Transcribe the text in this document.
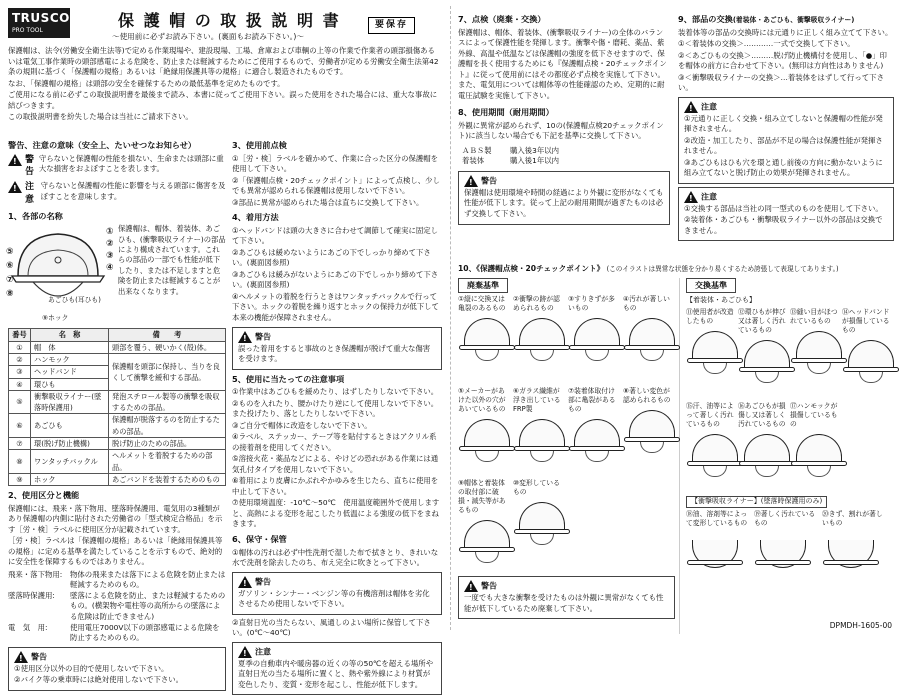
TRUSCO
PRO TOOL
保 護 帽 の 取 扱 説 明 書	要保存
～使用前に必ずお読み下さい。(裏面もお読み下さい。)～

保護帽は、法令(労働安全衛生法等)で定める作業現場や、建設現場、工場、倉庫および車輌の上等の作業で作業者の頭部損傷あるいは電気工事作業時の頭部感電による危険を、防止または軽減するためにご使用するもので、労働者が定める労働安全衛生法第42条の規則に基づく「保護帽の規格」あるいは「絶縁用保護具等の規格」に適合し製造されたものです。

なお、「保護帽の規格」は頭部の安全を確保するための最低基準を定めたものです。

ご使用になる前に必ずこの取扱説明書を最後まで読み、本書に従ってご使用下さい。誤った使用をされた場合には、重大な事故に結びつきます。

この取扱説明書を紛失した場合は当社にご請求下さい。

警告、注意の意味（安全上、たいせつなお知らせ）
!
警告
守らないと保護帽の性能を損ない、生命または頭部に重大な損害をおよぼすことを表します。
!
注意
守らないと保護帽の性能に影響を与える頭部に傷害を及ぼすことを意味します。
1、各部の名称
①
②
③
④
⑤
⑥
⑦
⑧
あごひも(耳ひも)
⑨ホック
保護帽は、帽体、着装体、あごひも、(衝撃吸収ライナー)の部品により構成されています。これらの部品の一部でも性能が低下したり、または不足しますと危険を防止または軽減することが出来なくなります。
番号	名　称	備　　考
①	帽　体	頭部を覆う、硬いかく(殻)体。
②	ハンモック	保護帽を頭部に保持し、当りを良くして衝撃を緩和する部品。
③	ヘッドバンド	
④	環ひも	
⑤	衝撃吸収ライナー(墜落時保護用)	発泡スチロール製等の衝撃を吸収するための部品。
⑥	あごひも	保護帽が脱落するのを防止するための部品。
⑦	環(脱げ防止機構)	脱げ防止のための部品。
⑧	ワンタッチバックル	ヘルメットを着脱するための部品。
⑨	ホック	あごバンドを装着するためのもの
2、使用区分と機能

保護帽には、飛来・落下物用、墜落時保護用、電気用の3種類があり保護帽の内側に貼付された労働省の「型式検定合格品」を示す［労・検］ラベルに使用区分が記載されています。

［労・検］ラベルは「保護帽の規格」あるいは「絶縁用保護具等の規格」に定める基準を満たしていることを示すもので、絶対的に安全性を保障するものではありません。

飛来・落下物用:	物体の飛来または落下による危険を防止または軽減するためのもの。
墜落時保護用:	墜落による危険を防止、または軽減するためのもの。(横架物や電柱等の高所からの墜落による危険は防止できません)
電　気　用:	使用電圧7000V以下の頭部感電による危険を防止するためのもの。
!警告

①使用区分以外の目的で使用しないで下さい。

②バイク等の乗車時には絶対使用しないで下さい。

3、使用前点検

①［労・検］ラベルを確かめて、作業に合った区分の保護帽を使用して下さい。

②「保護帽点検・20チェックポイント」によって点検し、少しでも異常が認められる保護帽は使用しないで下さい。

③部品に異常が認められた場合は直ちに交換して下さい。

4、着用方法

①ヘッドバンドは頭の大きさに合わせて調節して確実に固定して下さい。

②あごひもは緩めないようにあごの下でしっかり締めて下さい。(裏面図参照)

③あごひもは緩みがないようにあごの下でしっかり締めて下さい。(裏面図参照)

④ヘルメットの着脱を行うときはワンタッチバックルで行って下さい。ホックの着脱を繰り返すとホックの保持力が低下して本来の機能が保障されません。

!警告

誤った着用をすると事故のとき保護帽が脱げて重大な傷害を受けます。

5、使用に当たっての注意事項

①作業中はあごひもを緩めたり、はずしたりしないで下さい。

②ものを入れたり、腰かけたり逆にして使用しないで下さい。また投げたり、落としたりしないで下さい。

③ご自分で帽体に改造をしないで下さい。

④ラベル、ステッカー、テープ等を貼付するときはアクリル系の接着剤を使用してください。

⑤溶接火花・薬品などによる、やけどの恐れがある作業には通気孔付タイプを使用しないで下さい。

⑥着用により皮膚にかぶれやかゆみを生じたら、直ちに使用を中止して下さい。

⑦使用環境温度：-10℃～50℃　使用温度範囲外で使用しますと、高熱による変形を起こしたり低温による強度の低下をまねきます。

6、保守・保管

①帽体の汚れは必ず中性洗剤で湿した布で拭きとり、きれいな水で洗剤を除去したのち、布え完全に吹きとって下さい。

!警告

ガソリン・シンナー・ベンジン等の有機溶剤は帽体を劣化させるため使用しないで下さい。

②直射日光の当たらない、風通しのよい場所に保管して下さい。(0℃～40℃)

!注意

夏季の自動車内や暖房器の近くの等の50℃を超える場所や直射日光の当たる場所に置くと、熱や紫外線により材質が変色したり、変質・変形を起こし、性能が低下します。

7、点検（廃棄・交換）

保護帽は、帽体、着装体、(衝撃吸収ライナー)の全体のバランスによって保護性能を発揮します。衝撃や傷・磨耗、薬品、紫外線、高温や低温などは保護帽の強度を低下させますので、保護帽を長く使用するためにも『保護帽点検・20チェックポイント』に従って使用前にはその都度必ず点検を実施して下さい。また、電気用については帽体等の性能確認のため、定期的に耐電圧試験を実施して下さい。

8、使用期間（耐用期間）

外観に異常が認められず、10の(保護帽点検20チェックポイント)に該当しない場合でも下記を基準に交換して下さい。

ＡＢＳ製 購入後3年以内
着装体	購入後1年以内
!警告

保護帽は使用環境や時間の経過により外観に変形がなくても性能が低下します。従って上記の耐用期間が過ぎたものは必ず交換して下さい。

9、部品の交換(着装体・あごひも、衝撃吸収ライナー)

装着体等の部品の交換時には元通りに正しく組み立てて下さい。

①＜着装体の交換＞…………一式で交換して下さい。

②＜あごひもの交換＞………脱げ防止機構付を使用し、「●」印を帽体の前方に合わせて下さい。(無印は方向性はありません)

③＜衝撃吸収ライナーの交換＞…着装体をはずして行って下さい。

!注意

①元通りに正しく交換・組み立てしないと保護帽の性能が発揮されません。

②改造・加工したり、部品が不足の場合は保護性能が発揮されません。

③あごひもはひも穴を環と通し前後の方向に動かないように組み立てないと脱げ防止の効果が発揮されません。

!注意

①交換する部品は当社の同一型式のものを使用して下さい。

②装着体・あごひも・衝撃吸収ライナー以外の部品は交換できません。

10、《保護帽点検・20チェックポイント》 (このイラストは異常な状態を分かり易くするため誇張して表現してあります。)
廃棄基準
①縦に交換又は亀裂のあるもの
②衝撃の跡が認められるもの
③すりきずが多いもの
④汚れが著しいもの
⑤メーカーがあけた以外の穴があいているもの
⑥ガラス繊維が浮き出しているFRP製
⑦装着体取付け部に亀裂があるもの
⑧著しい変色が認められるもの
⑨帽体と着装体の取付部に破損・減失等があるもの
⑩変形しているもの
!警告

一度でも大きな衝撃を受けたものは外観に異常がなくても性能が低下しているため廃棄して下さい。

交換基準
【着装体・あごひも】
⑪使用者が改造したもの
⑫環ひもが伸び又は著しく汚れているもの
⑬縫い目がほつれているもの
⑭ヘッドバンドが損傷しているもの
⑮汗、油等によって著しく汚れているもの
⑯あごひもが損傷し又は著しく汚れているもの
⑰ハンモックが損傷しているもの
【衝撃吸収ライナー】(墜落時保護用のみ)
⑱油、溶剤等によって変形しているもの
⑲著しく汚れているもの
⑳きず、割れが著しいもの
DPMDH-1605-00
